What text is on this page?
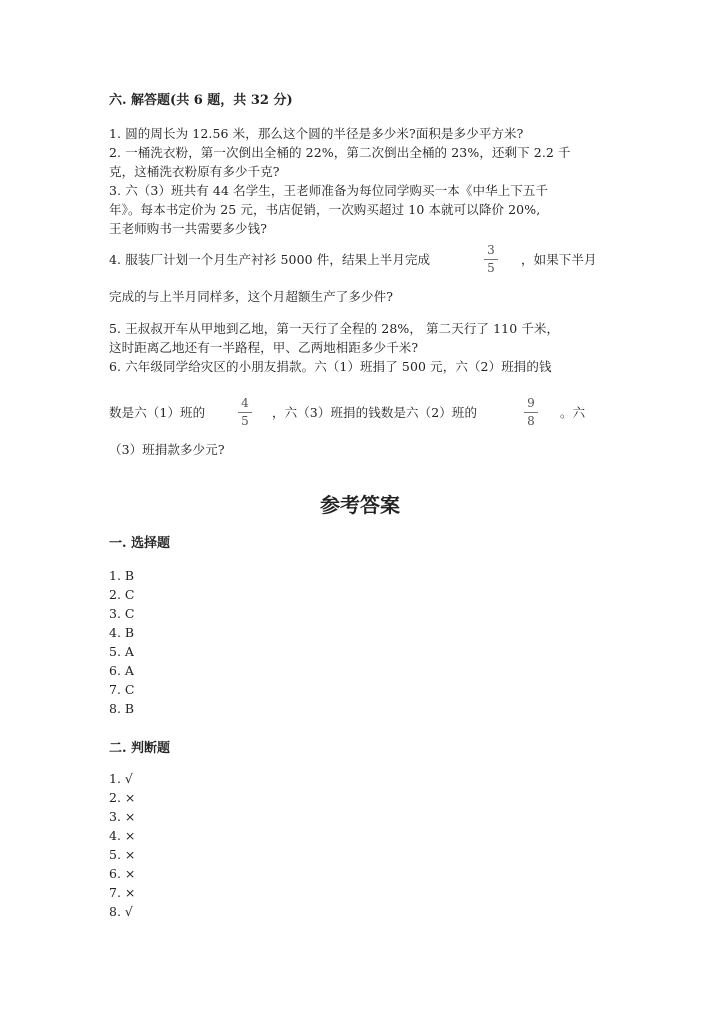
六. 解答题(共 6 题，共 32 分)
1. 圆的周长为 12.56 米，那么这个圆的半径是多少米?面积是多少平方米?
2. 一桶洗衣粉，第一次倒出全桶的 22%，第二次倒出全桶的 23%，还剩下 2.2 千
克，这桶洗衣粉原有多少千克?
3. 六（3）班共有 44 名学生，王老师准备为每位同学购买一本《中华上下五千
年》。每本书定价为 25 元，书店促销，一次购买超过 10 本就可以降价 20%,
王老师购书一共需要多少钱?
4. 服装厂计划一个月生产衬衫 5000 件，结果上半月完成
3
5
，如果下半月
完成的与上半月同样多，这个月超额生产了多少件?
5. 王叔叔开车从甲地到乙地，第一天行了全程的 28%， 第二天行了 110 千米，
这时距离乙地还有一半路程，甲、乙两地相距多少千米?
6. 六年级同学给灾区的小朋友捐款。六（1）班捐了 500 元，六（2）班捐的钱
数是六（1）班的
4
5
，六（3）班捐的钱数是六（2）班的
9
8
。六
（3）班捐款多少元?
参考答案
一. 选择题
1. B
2. C
3. C
4. B
5. A
6. A
7. C
8. B
二. 判断题
1. √
2. ×
3. ×
4. ×
5. ×
6. ×
7. ×
8. √
